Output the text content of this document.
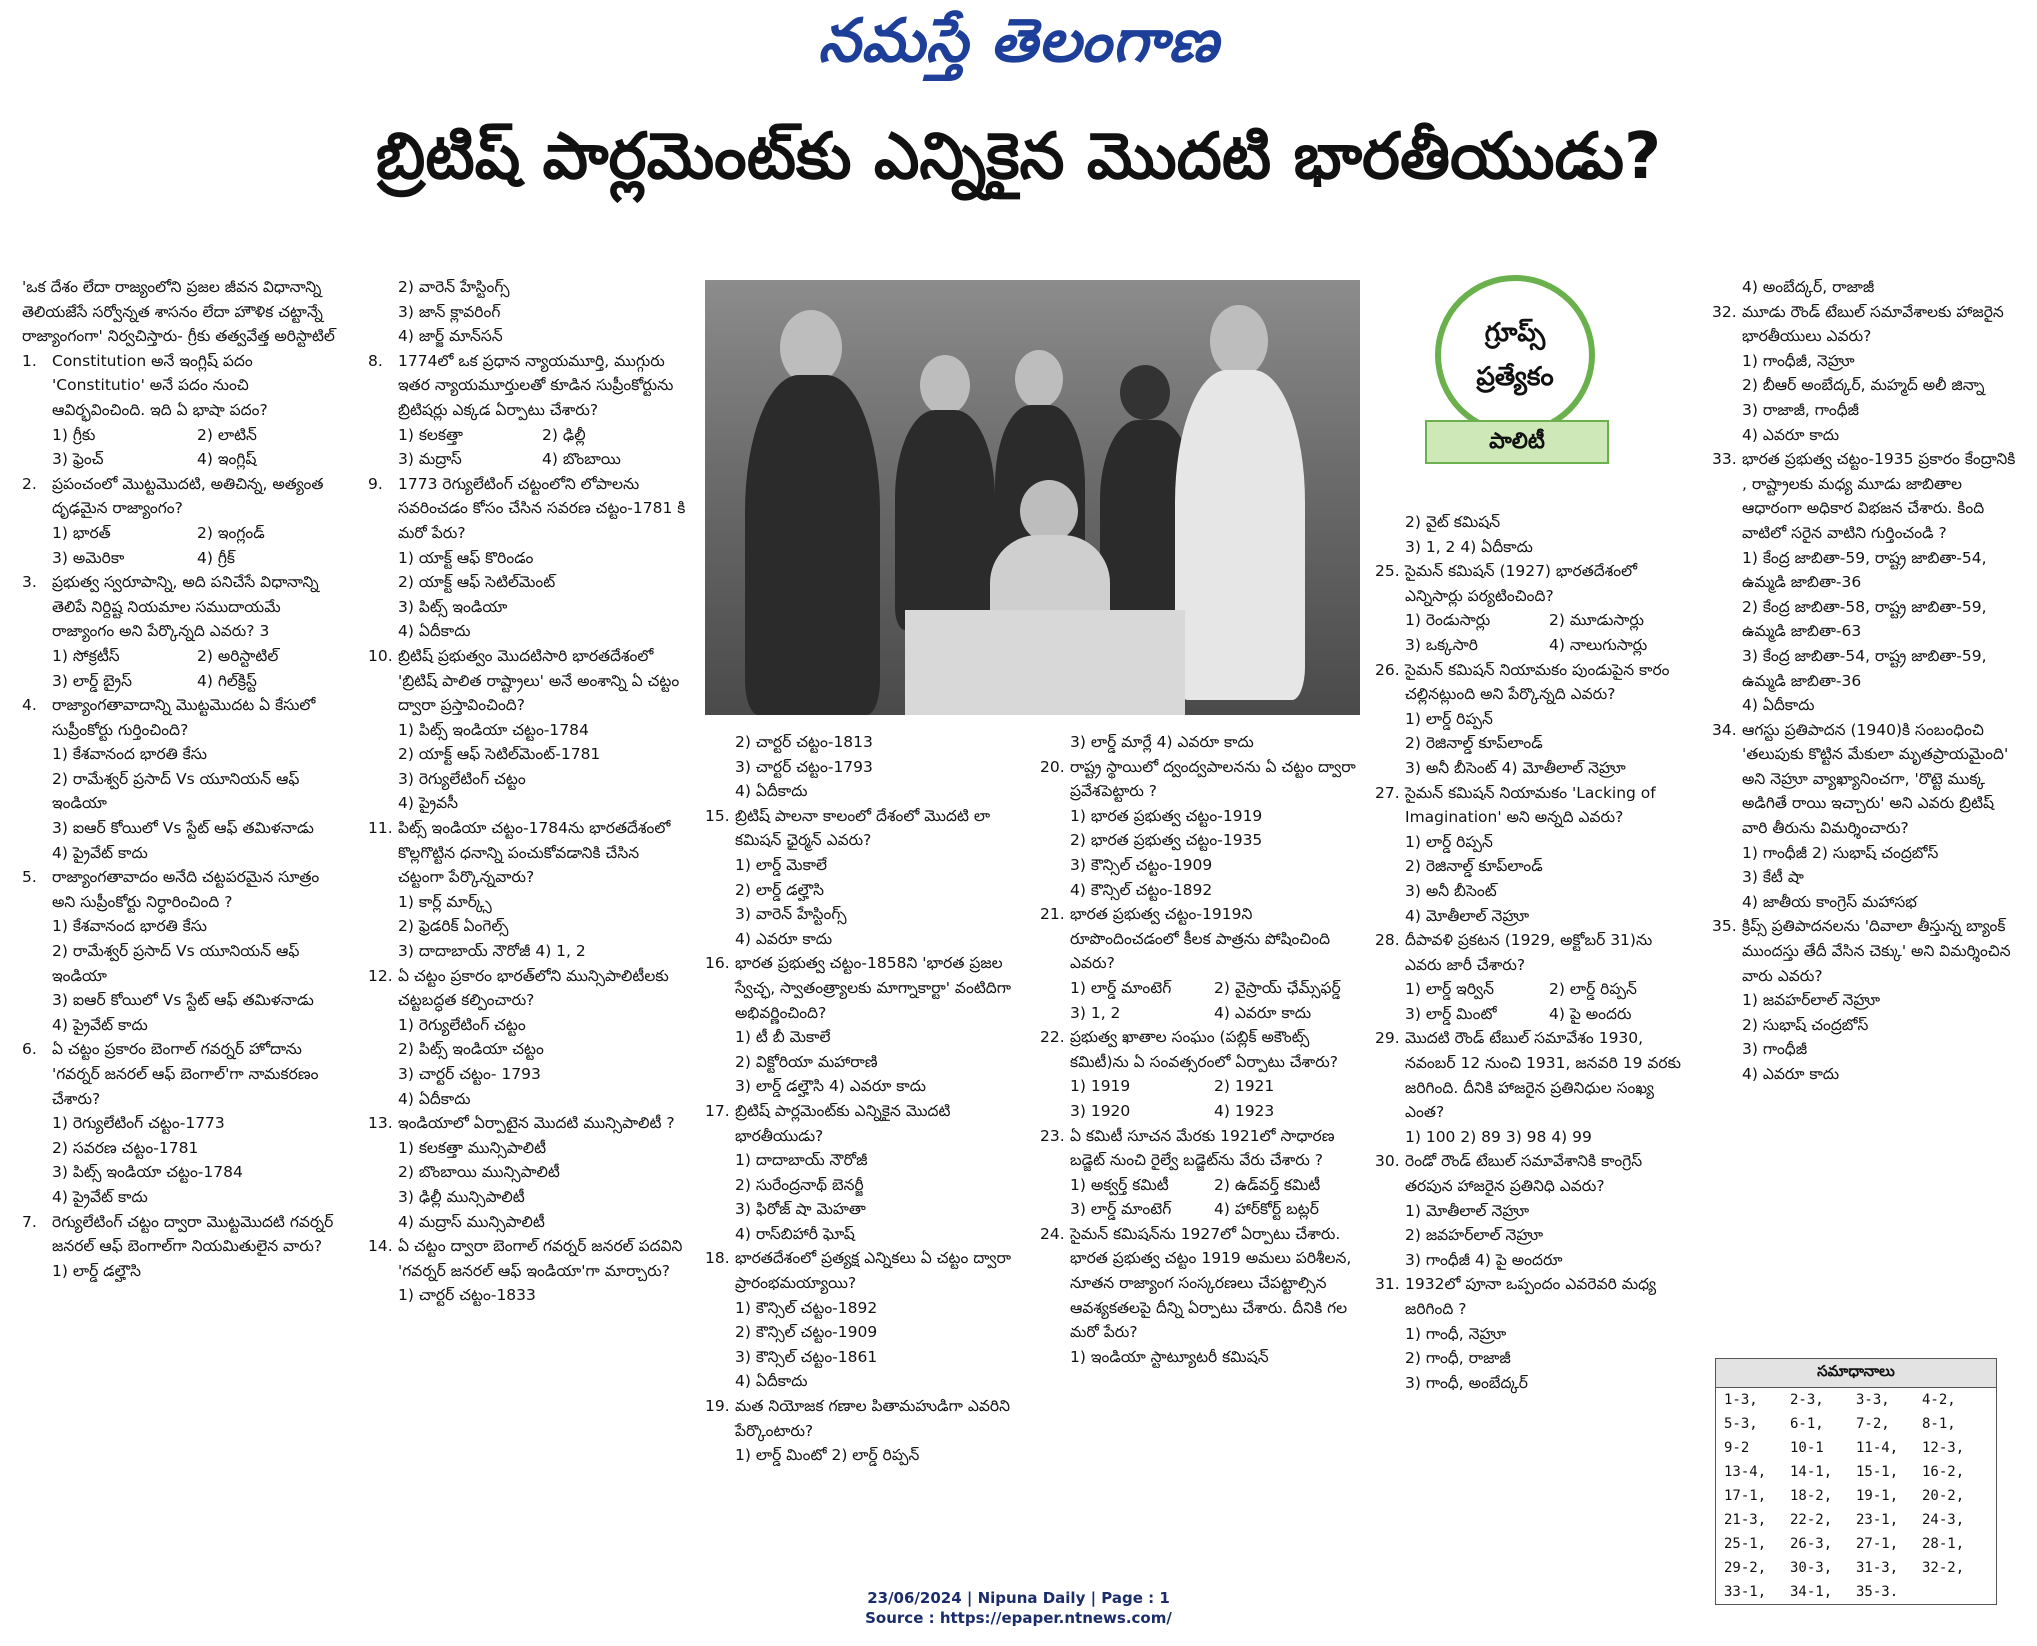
నమస్తే తెలంగాణ
బ్రిటిష్ పార్లమెంట్‌కు ఎన్నికైన మొదటి భారతీయుడు?
'ఒక దేశం లేదా రాజ్యంలోని ప్రజల జీవన విధానాన్ని తెలియజేసే సర్వోన్నత శాసనం లేదా హౌళిక చట్టాన్నే రాజ్యాంగంగా' నిర్వచిస్తారు- గ్రీకు తత్వవేత్త అరిస్టాటిల్
1. Constitution అనే ఇంగ్లిష్ పదం 'Constitutio' అనే పదం నుంచి ఆవిర్భవించింది. ఇది ఏ భాషా పదం?
1) గ్రీకు	2) లాటిన్
3) ఫ్రెంచ్	4) ఇంగ్లిష్
2. ప్రపంచంలో మొట్టమొదటి, అతిచిన్న, అత్యంత దృఢమైన రాజ్యాంగం?
1) భారత్	2) ఇంగ్లండ్
3) అమెరికా	4) గ్రీక్
3. ప్రభుత్వ స్వరూపాన్ని, అది పనిచేసే విధానాన్ని తెలిపే నిర్దిష్ట నియమాల సముదాయమే రాజ్యాంగం అని పేర్కొన్నది ఎవరు? 3
1) సోక్రటీస్	2) అరిస్టాటిల్
3) లార్డ్ బ్రైస్	4) గిల్‌క్రిస్ట్
4. రాజ్యాంగతావాదాన్ని మొట్టమొదట ఏ కేసులో సుప్రీంకోర్టు గుర్తించింది?
1) కేశవానంద భారతి కేసు
2) రామేశ్వర్ ప్రసాద్ Vs యూనియన్ ఆఫ్ ఇండియా
3) ఐఆర్ కోయిలో Vs స్టేట్ ఆఫ్ తమిళనాడు
4) ప్రైవేట్ కాదు
5. రాజ్యాంగతావాదం అనేది చట్టపరమైన సూత్రం అని సుప్రీంకోర్టు నిర్ధారించింది ?
1) కేశవానంద భారతి కేసు
2) రామేశ్వర్ ప్రసాద్ Vs యూనియన్ ఆఫ్ ఇండియా
3) ఐఆర్ కోయిలో Vs స్టేట్ ఆఫ్ తమిళనాడు
4) ప్రైవేట్ కాదు
6. ఏ చట్టం ప్రకారం బెంగాల్ గవర్నర్ హోదాను 'గవర్నర్ జనరల్ ఆఫ్ బెంగాల్'గా నామకరణం చేశారు?
1) రెగ్యులేటింగ్ చట్టం-1773
2) సవరణ చట్టం-1781
3) పిట్స్ ఇండియా చట్టం-1784
4) ప్రైవేట్ కాదు
7. రెగ్యులేటింగ్ చట్టం ద్వారా మొట్టమొదటి గవర్నర్ జనరల్ ఆఫ్ బెంగాల్‌గా నియమితులైన వారు?
1) లార్డ్ డల్హౌసి
2) వారెన్ హేస్టింగ్స్
3) జాన్ క్లావరింగ్
4) జార్జ్ మాన్‌సన్
8. 1774లో ఒక ప్రధాన న్యాయమూర్తి, ముగ్గురు ఇతర న్యాయమూర్తులతో కూడిన సుప్రీంకోర్టును బ్రిటిషర్లు ఎక్కడ ఏర్పాటు చేశారు?
1) కలకత్తా	2) ఢిల్లీ
3) మద్రాస్	4) బొంబాయి
9. 1773 రెగ్యులేటింగ్ చట్టంలోని లోపాలను సవరించడం కోసం చేసిన సవరణ చట్టం-1781 కి మరో పేరు?
1) యాక్ట్ ఆఫ్ కొరిండం
2) యాక్ట్ ఆఫ్ సెటిల్‌మెంట్
3) పిట్స్ ఇండియా
4) ఏదీకాదు
10. బ్రిటిష్ ప్రభుత్వం మొదటిసారి భారతదేశంలో 'బ్రిటిష్ పాలిత రాష్ట్రాలు' అనే అంశాన్ని ఏ చట్టం ద్వారా ప్రస్తావించింది?
1) పిట్స్ ఇండియా చట్టం-1784
2) యాక్ట్ ఆఫ్ సెటిల్‌మెంట్-1781
3) రెగ్యులేటింగ్ చట్టం
4) ప్రైవసీ
11. పిట్స్ ఇండియా చట్టం-1784ను భారతదేశంలో కొల్లగొట్టిన ధనాన్ని పంచుకోవడానికి చేసిన చట్టంగా పేర్కొన్నవారు?
1) కార్ల్ మార్క్స్
2) ఫ్రెడరిక్ ఏంగెల్స్
3) దాదాబాయ్ నౌరోజీ 4) 1, 2
12. ఏ చట్టం ప్రకారం భారత్‌లోని మున్సిపాలిటీలకు చట్టబద్ధత కల్పించారు?
1) రెగ్యులేటింగ్ చట్టం
2) పిట్స్ ఇండియా చట్టం
3) చార్టర్ చట్టం- 1793
4) ఏదీకాదు
13. ఇండియాలో ఏర్పాటైన మొదటి మున్సిపాలిటీ ?
1) కలకత్తా మున్సిపాలిటీ
2) బొంబాయి మున్సిపాలిటీ
3) ఢిల్లీ మున్సిపాలిటీ
4) మద్రాస్ మున్సిపాలిటీ
14. ఏ చట్టం ద్వారా బెంగాల్ గవర్నర్ జనరల్ పదవిని 'గవర్నర్ జనరల్ ఆఫ్ ఇండియా'గా మార్చారు?
1) చార్టర్ చట్టం-1833
2) చార్టర్ చట్టం-1813
3) చార్టర్ చట్టం-1793
4) ఏదీకాదు
15. బ్రిటిష్ పాలనా కాలంలో దేశంలో మొదటి లా కమిషన్ ఛైర్మన్ ఎవరు?
1) లార్డ్ మెకాలే
2) లార్డ్ డల్హౌసి
3) వారెన్ హేస్టింగ్స్
4) ఎవరూ కాదు
16. భారత ప్రభుత్వ చట్టం-1858ని 'భారత ప్రజల స్వేచ్ఛ, స్వాతంత్ర్యాలకు మాగ్నాకార్టా' వంటిదిగా అభివర్ణించింది?
1) టీ బీ మెకాలే
2) విక్టోరియా మహారాణి
3) లార్డ్ డల్హౌసి 4) ఎవరూ కాదు
17. బ్రిటిష్ పార్లమెంట్‌కు ఎన్నికైన మొదటి భారతీయుడు?
1) దాదాబాయ్ నౌరోజీ
2) సురేంద్రనాథ్ బెనర్జీ
3) ఫిరోజ్ షా మెహతా
4) రాస్‌బిహారీ ఘోష్
18. భారతదేశంలో ప్రత్యక్ష ఎన్నికలు ఏ చట్టం ద్వారా ప్రారంభమయ్యాయి?
1) కౌన్సిల్ చట్టం-1892
2) కౌన్సిల్ చట్టం-1909
3) కౌన్సిల్ చట్టం-1861
4) ఏదీకాదు
19. మత నియోజక గణాల పితామహుడిగా ఎవరిని పేర్కొంటారు?
1) లార్డ్ మింటో 2) లార్డ్ రిప్పన్
3) లార్డ్ మార్లే 4) ఎవరూ కాదు
20. రాష్ట్ర స్థాయిలో ద్వంద్వపాలనను ఏ చట్టం ద్వారా ప్రవేశపెట్టారు ?
1) భారత ప్రభుత్వ చట్టం-1919
2) భారత ప్రభుత్వ చట్టం-1935
3) కౌన్సిల్ చట్టం-1909
4) కౌన్సిల్ చట్టం-1892
21. భారత ప్రభుత్వ చట్టం-1919ని రూపొందించడంలో కీలక పాత్రను పోషించింది ఎవరు?
1) లార్డ్ మాంటెగ్	2) వైస్రాయ్ ఛేమ్స్‌ఫర్డ్
3) 1, 2	4) ఎవరూ కాదు
22. ప్రభుత్వ ఖాతాల సంఘం (పబ్లిక్ అకౌంట్స్ కమిటీ)ను ఏ సంవత్సరంలో ఏర్పాటు చేశారు?
1) 1919	2) 1921
3) 1920	4) 1923
23. ఏ కమిటీ సూచన మేరకు 1921లో సాధారణ బడ్జెట్ నుంచి రైల్వే బడ్జెట్‌ను వేరు చేశారు ?
1) అక్వర్త్ కమిటీ	2) ఉడ్‌వర్త్ కమిటీ
3) లార్డ్ మాంటెగ్	4) హార్‌కోర్ట్ బట్లర్
24. సైమన్ కమిషన్‌ను 1927లో ఏర్పాటు చేశారు. భారత ప్రభుత్వ చట్టం 1919 అమలు పరిశీలన, నూతన రాజ్యాంగ సంస్కరణలు చేపట్టాల్సిన ఆవశ్యకతలపై దీన్ని ఏర్పాటు చేశారు. దీనికి గల మరో పేరు?
1) ఇండియా స్టాట్యూటరీ కమిషన్
2) వైట్ కమిషన్
3) 1, 2 4) ఏదీకాదు
25. సైమన్ కమిషన్ (1927) భారతదేశంలో ఎన్నిసార్లు పర్యటించింది?
1) రెండుసార్లు	2) మూడుసార్లు
3) ఒక్కసారి	4) నాలుగుసార్లు
26. సైమన్ కమిషన్ నియామకం పుండుపైన కారం చల్లినట్లుంది అని పేర్కొన్నది ఎవరు?
1) లార్డ్ రిప్పన్
2) రెజినాల్డ్ కూప్‌లాండ్
3) అనీ బీసెంట్ 4) మోతీలాల్ నెహ్రూ
27. సైమన్ కమిషన్ నియామకం 'Lacking of Imagination' అని అన్నది ఎవరు?
1) లార్డ్ రిప్పన్
2) రెజినాల్డ్ కూప్‌లాండ్
3) అనీ బీసెంట్
4) మోతీలాల్ నెహ్రూ
28. దీపావళి ప్రకటన (1929, అక్టోబర్ 31)ను ఎవరు జారీ చేశారు?
1) లార్డ్ ఇర్విన్	2) లార్డ్ రిప్పన్
3) లార్డ్ మింటో	4) పై అందరు
29. మొదటి రౌండ్ టేబుల్ సమావేశం 1930, నవంబర్ 12 నుంచి 1931, జనవరి 19 వరకు జరిగింది. దీనికి హాజరైన ప్రతినిధుల సంఖ్య ఎంత?
1) 100 2) 89 3) 98 4) 99
30. రెండో రౌండ్ టేబుల్ సమావేశానికి కాంగ్రెస్ తరపున హాజరైన ప్రతినిధి ఎవరు?
1) మోతీలాల్ నెహ్రూ
2) జవహర్‌లాల్ నెహ్రూ
3) గాంధీజీ 4) పై అందరూ
31. 1932లో పూనా ఒప్పందం ఎవరెవరి మధ్య జరిగింది ?
1) గాంధీ, నెహ్రూ
2) గాంధీ, రాజాజీ
3) గాంధీ, అంబేద్కర్
4) అంబేద్కర్, రాజాజీ
32. మూడు రౌండ్ టేబుల్ సమావేశాలకు హాజరైన భారతీయులు ఎవరు?
1) గాంధీజీ, నెహ్రూ
2) బీఆర్ అంబేద్కర్, మహ్మద్ అలీ జిన్నా
3) రాజాజీ, గాంధీజీ
4) ఎవరూ కాదు
33. భారత ప్రభుత్వ చట్టం-1935 ప్రకారం కేంద్రానికి , రాష్ట్రాలకు మధ్య మూడు జాబితాల ఆధారంగా అధికార విభజన చేశారు. కింది వాటిలో సరైన వాటిని గుర్తించండి ?
1) కేంద్ర జాబితా-59, రాష్ట్ర జాబితా-54, ఉమ్మడి జాబితా-36
2) కేంద్ర జాబితా-58, రాష్ట్ర జాబితా-59, ఉమ్మడి జాబితా-63
3) కేంద్ర జాబితా-54, రాష్ట్ర జాబితా-59, ఉమ్మడి జాబితా-36
4) ఏదీకాదు
34. ఆగస్టు ప్రతిపాదన (1940)కి సంబంధించి 'తలుపుకు కొట్టిన మేకులా మృతప్రాయమైంది' అని నెహ్రూ వ్యాఖ్యానించగా, 'రొట్టె ముక్క అడిగితే రాయి ఇచ్చారు' అని ఎవరు బ్రిటిష్ వారి తీరును విమర్శించారు?
1) గాంధీజీ 2) సుభాష్ చంద్రబోస్
3) కేటీ షా
4) జాతీయ కాంగ్రెస్ మహాసభ
35. క్రిప్స్ ప్రతిపాదనలను 'దివాలా తీస్తున్న బ్యాంక్ ముందస్తు తేదీ వేసిన చెక్కు' అని విమర్శించిన వారు ఎవరు?
1) జవహర్‌లాల్ నెహ్రూ
2) సుభాష్ చంద్రబోస్
3) గాంధీజీ
4) ఎవరూ కాదు
గ్రూప్స్
ప్రత్యేకం
పాలిటీ
సమాధానాలు
1-3,	2-3,	3-3,	4-2,
5-3,	6-1,	7-2,	8-1,
9-2	10-1	11-4,	12-3,
13-4,	14-1,	15-1,	16-2,
17-1,	18-2,	19-1,	20-2,
21-3,	22-2,	23-1,	24-3,
25-1,	26-3,	27-1,	28-1,
29-2,	30-3,	31-3,	32-2,
33-1,	34-1,	35-3.
23/06/2024 | Nipuna Daily | Page : 1
Source : https://epaper.ntnews.com/
